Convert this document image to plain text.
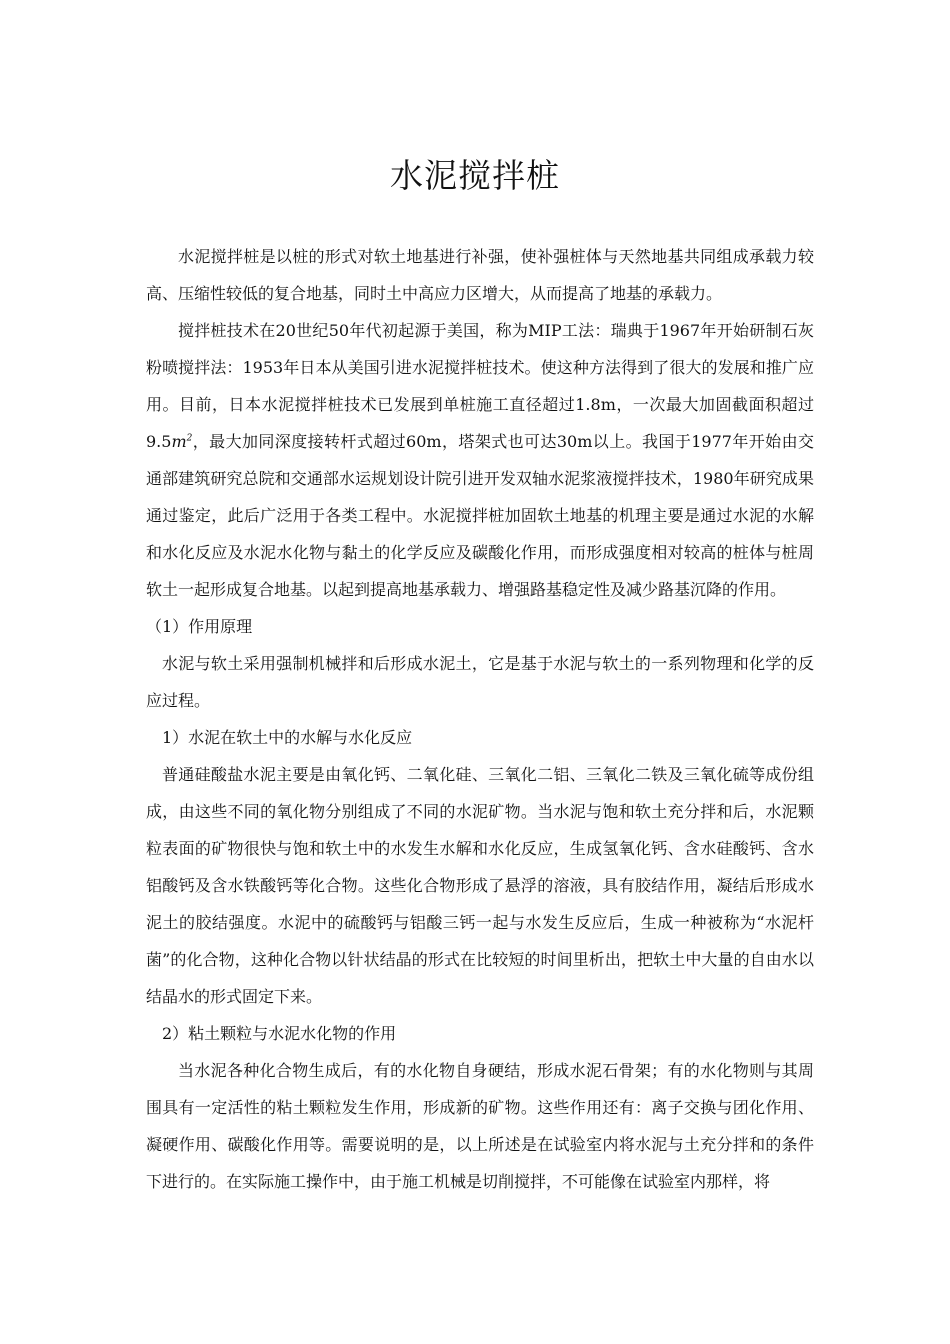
水泥搅拌桩

水泥搅拌桩是以桩的形式对软土地基进行补强，使补强桩体与天然地基共同组成承载力较高、压缩性较低的复合地基，同时土中高应力区增大，从而提高了地基的承载力。

搅拌桩技术在20世纪50年代初起源于美国，称为MIP工法：瑞典于1967年开始研制石灰粉喷搅拌法：1953年日本从美国引进水泥搅拌桩技术。使这种方法得到了很大的发展和推广应用。目前，日本水泥搅拌桩技术已发展到单桩施工直径超过1.8m，一次最大加固截面积超过$9.5m^2$，最大加同深度接转杆式超过60m，塔架式也可达30m以上。我国于1977年开始由交通部建筑研究总院和交通部水运规划设计院引进开发双轴水泥浆液搅拌技术，1980年研究成果通过鉴定，此后广泛用于各类工程中。水泥搅拌桩加固软土地基的机理主要是通过水泥的水解和水化反应及水泥水化物与黏土的化学反应及碳酸化作用，而形成强度相对较高的桩体与桩周软土一起形成复合地基。以起到提高地基承载力、增强路基稳定性及减少路基沉降的作用。

（1）作用原理

水泥与软土采用强制机械拌和后形成水泥土，它是基于水泥与软土的一系列物理和化学的反应过程。

1）水泥在软土中的水解与水化反应

普通硅酸盐水泥主要是由氧化钙、二氧化硅、三氧化二铝、三氧化二铁及三氧化硫等成份组成，由这些不同的氧化物分别组成了不同的水泥矿物。当水泥与饱和软土充分拌和后，水泥颗粒表面的矿物很快与饱和软土中的水发生水解和水化反应，生成氢氧化钙、含水硅酸钙、含水铝酸钙及含水铁酸钙等化合物。这些化合物形成了悬浮的溶液，具有胶结作用，凝结后形成水泥土的胶结强度。水泥中的硫酸钙与铝酸三钙一起与水发生反应后，生成一种被称为“水泥杆菌”的化合物，这种化合物以针状结晶的形式在比较短的时间里析出，把软土中大量的自由水以结晶水的形式固定下来。

2）粘土颗粒与水泥水化物的作用

当水泥各种化合物生成后，有的水化物自身硬结，形成水泥石骨架；有的水化物则与其周围具有一定活性的粘土颗粒发生作用，形成新的矿物。这些作用还有：离子交换与团化作用、凝硬作用、碳酸化作用等。需要说明的是，以上所述是在试验室内将水泥与土充分拌和的条件下进行的。在实际施工操作中，由于施工机械是切削搅拌，不可能像在试验室内那样，将
